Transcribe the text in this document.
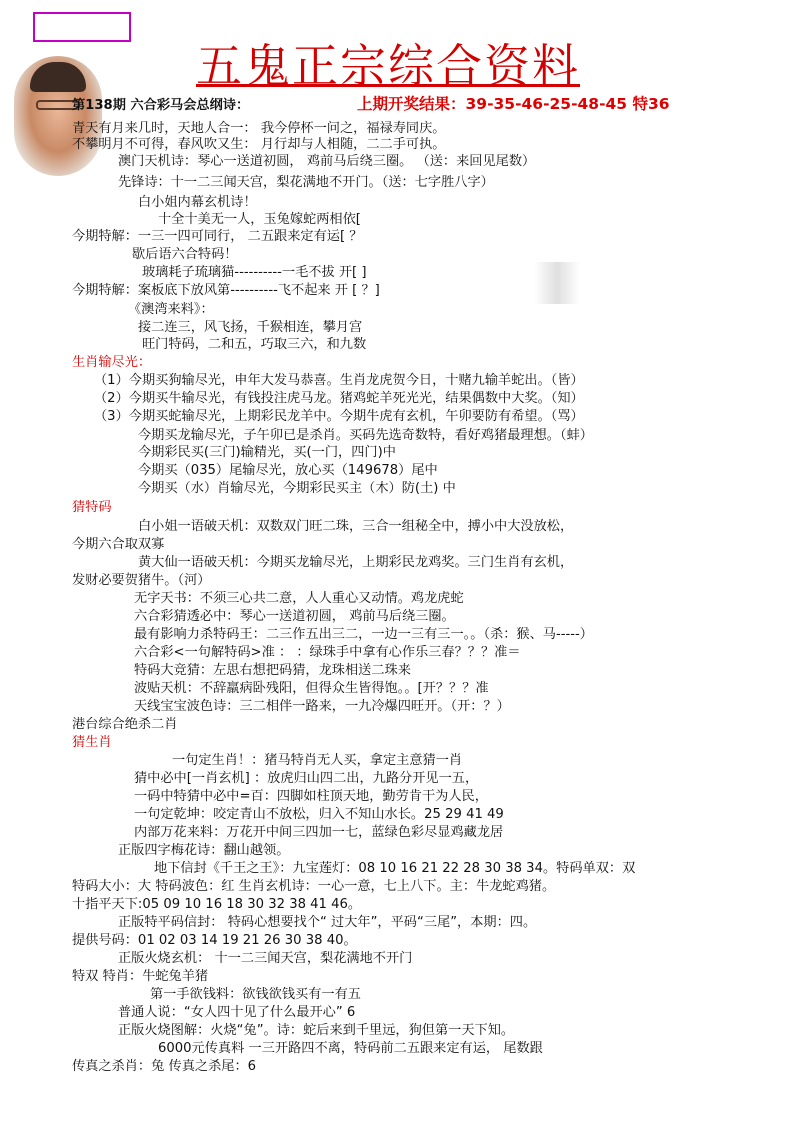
五鬼正宗综合资料
上期开奖结果：39-35-46-25-48-45 特36
第138期 六合彩马会总纲诗：
青天有月来几时，天地人合一： 我今停杯一问之，福禄寿同庆。
不攀明月不可得，春风吹又生： 月行却与人相随，二二手可执。
澳门天机诗：琴心一送道初圆， 鸡前马后绕三圈。 （送：来回见尾数）
先锋诗：十一二三闻天宫，梨花满地不开门。（送：七字胜八字）
白小姐内幕玄机诗！
十全十美无一人，玉兔嫁蛇两相依[
今期特解：一三一四可同行， 二五跟来定有运[ ？
歇后语六合特码！
玻璃耗子琉璃猫----------一毛不拔 开[ ]
今期特解：案板底下放风第----------飞不起来 开 [ ？]
《澳湾来料》：
接二连三，风飞扬，千猴相连，攀月宫
旺门特码，二和五，巧取三六，和九数
生肖输尽光：
（1）今期买狗输尽光，申年大发马恭喜。生肖龙虎贺今日，十赌九输羊蛇出。（皆）
（2）今期买牛输尽光，有钱投注虎马龙。猪鸡蛇羊死光光，结果偶数中大奖。（知）
（3）今期买蛇输尽光，上期彩民龙羊中。今期牛虎有玄机，午卯要防有希望。（骂）
今期买龙输尽光，子午卯已是杀肖。买码先选奇数特，看好鸡猪最理想。（蚌）
今期彩民买(三门)输精光，买(一门，四门)中
今期买（035）尾输尽光，放心买（149678）尾中
今期买（水）肖输尽光，今期彩民买主（木）防(土) 中
猜特码
白小姐一语破天机：双数双门旺二珠，三合一组秘全中，搏小中大没放松，
今期六合取双寡
黄大仙一语破天机：今期买龙输尽光，上期彩民龙鸡奖。三门生肖有玄机，
发财必要贺猪牛。（河）
无字天书：不须三心共二意，人人重心又动情。鸡龙虎蛇
六合彩猜透必中：琴心一送道初圆， 鸡前马后绕三圈。
最有影响力杀特码王：二三作五出三二，一边一三有三一。。（杀：猴、马-----）
六合彩<一句解特码>准 ： ：绿珠手中拿有心作乐三春？？？准＝
特码大竞猜：左思右想把码猜，龙珠相送二珠来
波贴天机：不辞羸病卧残阳，但得众生皆得饱。。[开？？？准
天线宝宝波色诗：三二相伴一路来，一九冷爆四旺开。（开：？）
港台综合绝杀二肖
猜生肖
一句定生肖！：猪马特肖无人买，拿定主意猜一肖
猜中必中[一肖玄机] ：放虎归山四二出，九路分开见一五，
一码中特猜中必中=百：四脚如柱顶天地，勤劳肯干为人民，
一句定乾坤：咬定青山不放松，归入不知山水长。25 29 41 49
内部万花来料：万花开中间三四加一七，蓝绿色彩尽显鸡藏龙居
正版四字梅花诗：翻山越领。
地下信封《千王之王》：九宝莲灯：08 10 16 21 22 28 30 38 34。特码单双：双
特码大小：大 特码波色：红 生肖玄机诗：一心一意，七上八下。主：牛龙蛇鸡猪。
十指平天下:05 09 10 16 18 30 32 38 41 46。
正版特平码信封： 特码心想要找个“ 过大年”，平码“三尾”，本期：四。
提供号码：01 02 03 14 19 21 26 30 38 40。
正版火烧玄机： 十一二三闻天宫，梨花满地不开门
特双 特肖：牛蛇兔羊猪
第一手欲钱料：欲钱欲钱买有一有五
普通人说：“女人四十见了什么最开心” 6
正版火烧图解：火烧“兔”。诗：蛇后来到千里远，狗但第一天下知。
6000元传真料 一三开路四不离，特码前二五跟来定有运， 尾数跟
传真之杀肖：兔 传真之杀尾：6
